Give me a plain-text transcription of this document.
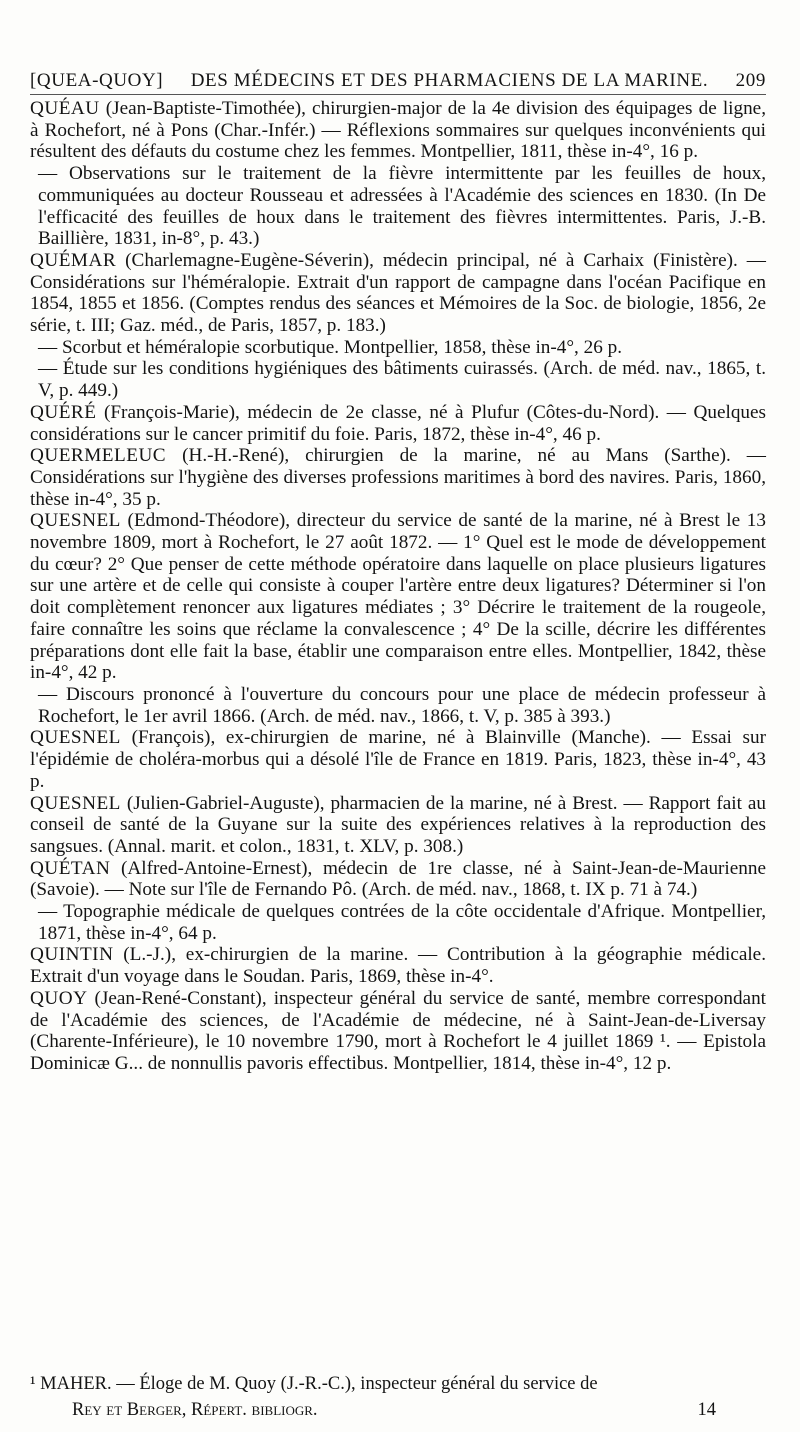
[QUEA-QUOY] DES MÉDECINS ET DES PHARMACIENS DE LA MARINE. 209

QUÉAU (Jean-Baptiste-Timothée), chirurgien-major de la 4e division des équipages de ligne, à Rochefort, né à Pons (Char.-Infér.) — Réflexions sommaires sur quelques inconvénients qui résultent des défauts du costume chez les femmes. Montpellier, 1811, thèse in-4°, 16 p.

— Observations sur le traitement de la fièvre intermittente par les feuilles de houx, communiquées au docteur Rousseau et adressées à l'Académie des sciences en 1830. (In De l'efficacité des feuilles de houx dans le traitement des fièvres intermittentes. Paris, J.-B. Baillière, 1831, in-8°, p. 43.)

QUÉMAR (Charlemagne-Eugène-Séverin), médecin principal, né à Carhaix (Finistère). — Considérations sur l'héméralopie. Extrait d'un rapport de campagne dans l'océan Pacifique en 1854, 1855 et 1856. (Comptes rendus des séances et Mémoires de la Soc. de biologie, 1856, 2e série, t. III; Gaz. méd., de Paris, 1857, p. 183.)

— Scorbut et héméralopie scorbutique. Montpellier, 1858, thèse in-4°, 26 p.

— Étude sur les conditions hygiéniques des bâtiments cuirassés. (Arch. de méd. nav., 1865, t. V, p. 449.)

QUÉRÉ (François-Marie), médecin de 2e classe, né à Plufur (Côtes-du-Nord). — Quelques considérations sur le cancer primitif du foie. Paris, 1872, thèse in-4°, 46 p.

QUERMELEUC (H.-H.-René), chirurgien de la marine, né au Mans (Sarthe). — Considérations sur l'hygiène des diverses professions maritimes à bord des navires. Paris, 1860, thèse in-4°, 35 p.

QUESNEL (Edmond-Théodore), directeur du service de santé de la marine, né à Brest le 13 novembre 1809, mort à Rochefort, le 27 août 1872. — 1° Quel est le mode de développement du cœur? 2° Que penser de cette méthode opératoire dans laquelle on place plusieurs ligatures sur une artère et de celle qui consiste à couper l'artère entre deux ligatures? Déterminer si l'on doit complètement renoncer aux ligatures médiates ; 3° Décrire le traitement de la rougeole, faire connaître les soins que réclame la convalescence ; 4° De la scille, décrire les différentes préparations dont elle fait la base, établir une comparaison entre elles. Montpellier, 1842, thèse in-4°, 42 p.

— Discours prononcé à l'ouverture du concours pour une place de médecin professeur à Rochefort, le 1er avril 1866. (Arch. de méd. nav., 1866, t. V, p. 385 à 393.)

QUESNEL (François), ex-chirurgien de marine, né à Blainville (Manche). — Essai sur l'épidémie de choléra-morbus qui a désolé l'île de France en 1819. Paris, 1823, thèse in-4°, 43 p.

QUESNEL (Julien-Gabriel-Auguste), pharmacien de la marine, né à Brest. — Rapport fait au conseil de santé de la Guyane sur la suite des expériences relatives à la reproduction des sangsues. (Annal. marit. et colon., 1831, t. XLV, p. 308.)

QUÉTAN (Alfred-Antoine-Ernest), médecin de 1re classe, né à Saint-Jean-de-Maurienne (Savoie). — Note sur l'île de Fernando Pô. (Arch. de méd. nav., 1868, t. IX p. 71 à 74.)

— Topographie médicale de quelques contrées de la côte occidentale d'Afrique. Montpellier, 1871, thèse in-4°, 64 p.

QUINTIN (L.-J.), ex-chirurgien de la marine. — Contribution à la géographie médicale. Extrait d'un voyage dans le Soudan. Paris, 1869, thèse in-4°.

QUOY (Jean-René-Constant), inspecteur général du service de santé, membre correspondant de l'Académie des sciences, de l'Académie de médecine, né à Saint-Jean-de-Liversay (Charente-Inférieure), le 10 novembre 1790, mort à Rochefort le 4 juillet 1869 ¹. — Epistola Dominicæ G... de nonnullis pavoris effectibus. Montpellier, 1814, thèse in-4°, 12 p.

¹ MAHER. — Éloge de M. Quoy (J.-R.-C.), inspecteur général du service de
Rey et Berger, Répert. bibliogr.	14
